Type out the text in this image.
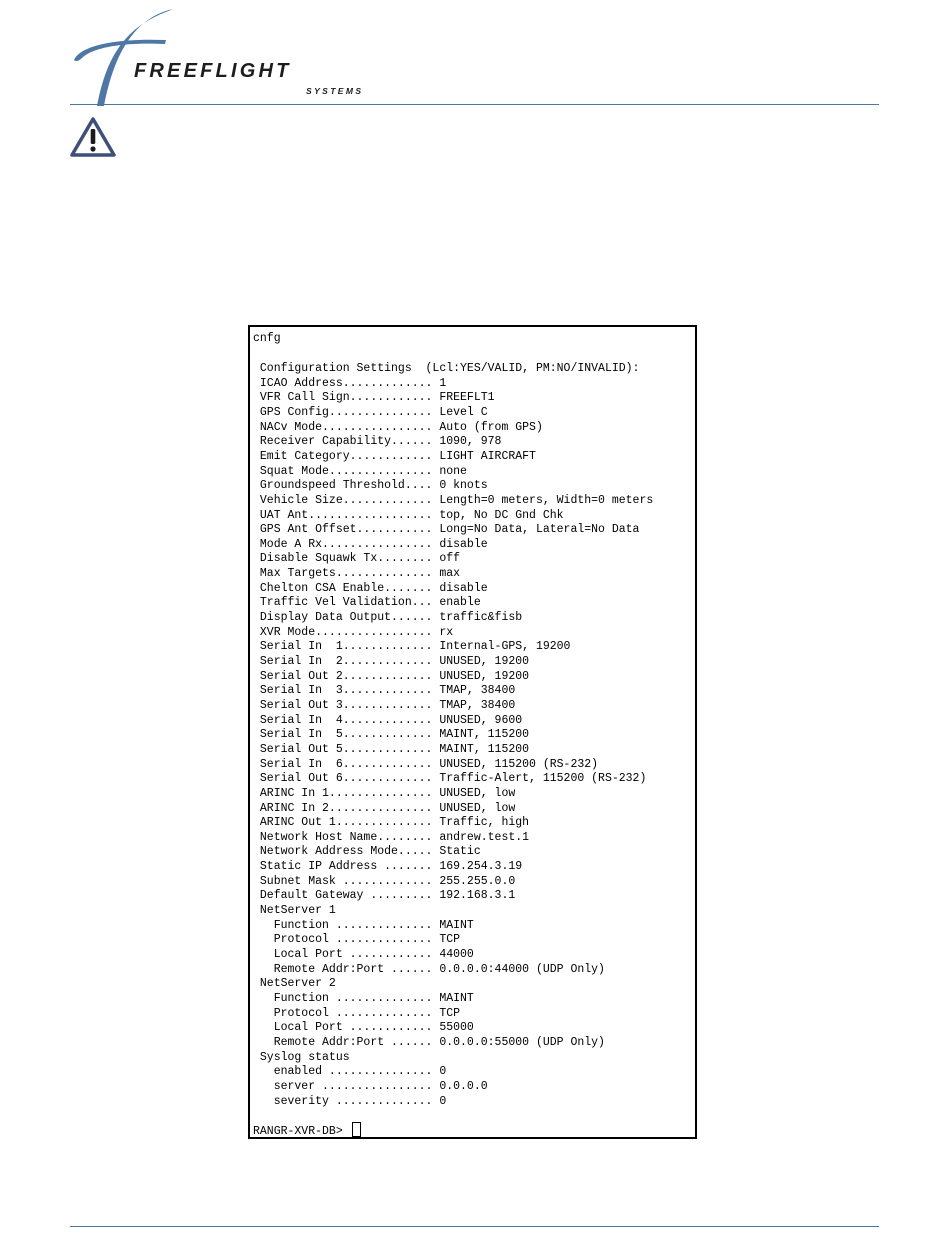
FREEFLIGHT
SYSTEMS
cnfg
Configuration Settings  (Lcl:YES/VALID, PM:NO/INVALID):
ICAO Address............. 1
VFR Call Sign............ FREEFLT1
GPS Config............... Level C
NACv Mode................ Auto (from GPS)
Receiver Capability...... 1090, 978
Emit Category............ LIGHT AIRCRAFT
Squat Mode............... none
Groundspeed Threshold.... 0 knots
Vehicle Size............. Length=0 meters, Width=0 meters
UAT Ant.................. top, No DC Gnd Chk
GPS Ant Offset........... Long=No Data, Lateral=No Data
Mode A Rx................ disable
Disable Squawk Tx........ off
Max Targets.............. max
Chelton CSA Enable....... disable
Traffic Vel Validation... enable
Display Data Output...... traffic&fisb
XVR Mode................. rx
Serial In  1............. Internal-GPS, 19200
Serial In  2............. UNUSED, 19200
Serial Out 2............. UNUSED, 19200
Serial In  3............. TMAP, 38400
Serial Out 3............. TMAP, 38400
Serial In  4............. UNUSED, 9600
Serial In  5............. MAINT, 115200
Serial Out 5............. MAINT, 115200
Serial In  6............. UNUSED, 115200 (RS-232)
Serial Out 6............. Traffic-Alert, 115200 (RS-232)
ARINC In 1............... UNUSED, low
ARINC In 2............... UNUSED, low
ARINC Out 1.............. Traffic, high
Network Host Name........ andrew.test.1
Network Address Mode..... Static
Static IP Address ....... 169.254.3.19
Subnet Mask ............. 255.255.0.0
Default Gateway ......... 192.168.3.1
NetServer 1
Function .............. MAINT
Protocol .............. TCP
Local Port ............ 44000
Remote Addr:Port ...... 0.0.0.0:44000 (UDP Only)
NetServer 2
Function .............. MAINT
Protocol .............. TCP
Local Port ............ 55000
Remote Addr:Port ...... 0.0.0.0:55000 (UDP Only)
Syslog status
enabled ............... 0
server ................ 0.0.0.0
severity .............. 0
RANGR-XVR-DB>
